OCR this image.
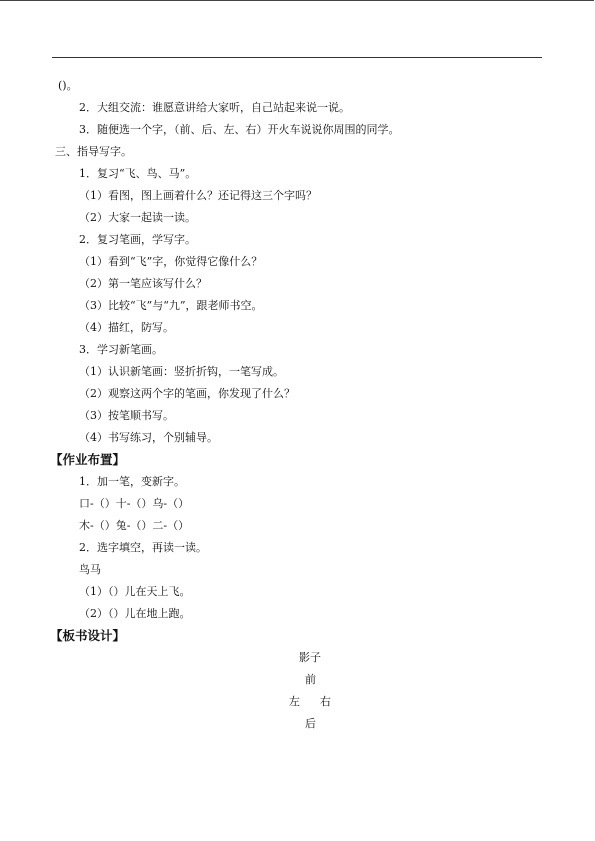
()。
2．大组交流：谁愿意讲给大家听，自己站起来说一说。
3．随便选一个字，（前、后、左、右）开火车说说你周围的同学。
三、指导写字。
1．复习“飞、鸟、马”。
（1）看图，图上画着什么？还记得这三个字吗？
（2）大家一起读一读。
2．复习笔画，学写字。
（1）看到“飞”字，你觉得它像什么？
（2）第一笔应该写什么？
（3）比较“飞”与“九”，跟老师书空。
（4）描红，防写。
3．学习新笔画。
（1）认识新笔画：竖折折钩，一笔写成。
（2）观察这两个字的笔画，你发现了什么？
（3）按笔顺书写。
（4）书写练习，个别辅导。
【作业布置】
1．加一笔，变新字。
口-（）十-（）乌-（）
木-（）兔-（）二-（）
2．选字填空，再读一读。
鸟马
（1）（）儿在天上飞。
（2）（）儿在地上跑。
【板书设计】
影子
前
左 右
后
